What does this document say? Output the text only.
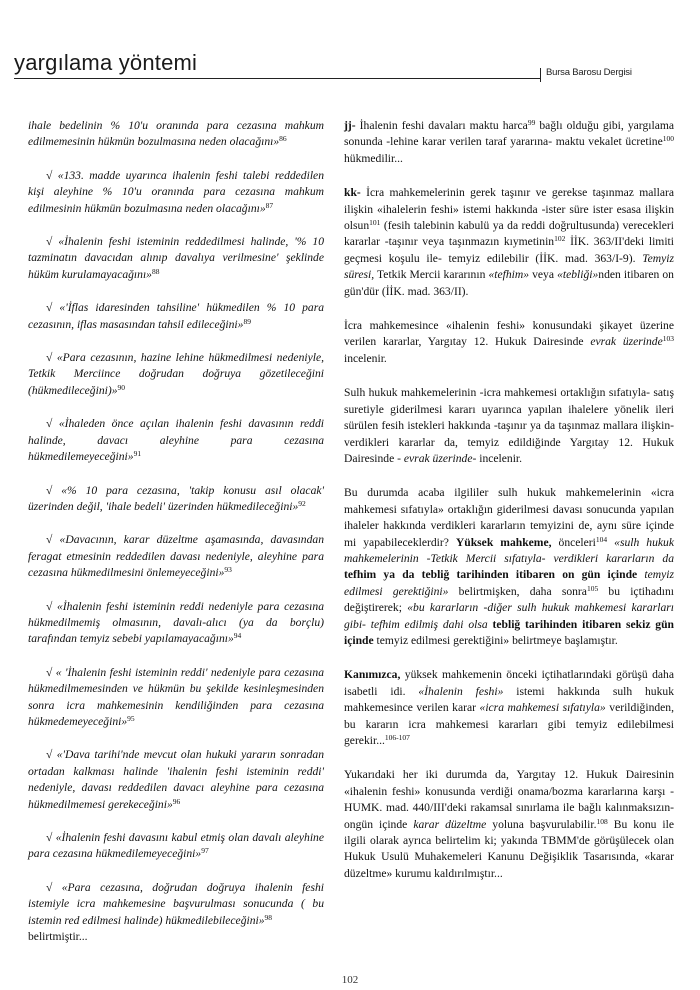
yargılama yöntemi	Bursa Barosu Dergisi

ihale bedelinin % 10'u oranında para cezasına mahkum edilmemesinin hükmün bozulmasına neden olacağını»$^{86}$

√ «133. madde uyarınca ihalenin feshi talebi reddedilen kişi aleyhine % 10'u oranında para cezasına mahkum edilmesinin hükmün bozulmasına neden olacağını»$^{87}$

√ «İhalenin feshi isteminin reddedilmesi halinde, '% 10 tazminatın davacıdan alınıp davalıya verilmesine' şeklinde hüküm kurulamayacağını»$^{88}$

√ «'İflas idaresinden tahsiline' hükmedilen % 10 para cezasının, iflas masasından tahsil edileceğini»$^{89}$

√ «Para cezasının, hazine lehine hükmedilmesi nedeniyle, Tetkik Merciince doğrudan doğruya gözetileceğini (hükmedileceğini)»$^{90}$

√ «İhaleden önce açılan ihalenin feshi davasının reddi halinde, davacı aleyhine para cezasına hükmedilemeyeceğini»$^{91}$

√ «% 10 para cezasına, 'takip konusu asıl olacak' üzerinden değil, 'ihale bedeli' üzerinden hükmedileceğini»$^{92}$

√ «Davacının, karar düzeltme aşamasında, davasından feragat etmesinin reddedilen davası nedeniyle, aleyhine para cezasına hükmedilmesini önlemeyeceğini»$^{93}$

√ «İhalenin feshi isteminin reddi nedeniyle para cezasına hükmedilmemiş olmasının, davalı-alıcı (ya da borçlu) tarafından temyiz sebebi yapılamayacağını»$^{94}$

√ « 'İhalenin feshi isteminin reddi' nedeniyle para cezasına hükmedilmemesinden ve hükmün bu şekilde kesinleşmesinden sonra icra mahkemesinin kendiliğinden para cezasına hükmedemeyeceğini»$^{95}$

√ «'Dava tarihi'nde mevcut olan hukuki yararın sonradan ortadan kalkması halinde 'ihalenin feshi isteminin reddi' nedeniyle, davası reddedilen davacı aleyhine para cezasına hükmedilmemesi gerekeceğini»$^{96}$

√ «İhalenin feshi davasını kabul etmiş olan davalı aleyhine para cezasına hükmedilemeyeceğini»$^{97}$

√ «Para cezasına, doğrudan doğruya ihalenin feshi istemiyle icra mahkemesine başvurulması sonucunda ( bu istemin red edilmesi halinde) hükmedilebileceğini»$^{98}$
belirtmiştir...

jj- İhalenin feshi davaları maktu harca$^{99}$ bağlı olduğu gibi, yargılama sonunda -lehine karar verilen taraf yararına- maktu vekalet ücretine$^{100}$ hükmedilir...

kk- İcra mahkemelerinin gerek taşınır ve gerekse taşınmaz mallara ilişkin «ihalelerin feshi» istemi hakkında -ister süre ister esasa ilişkin olsun$^{101}$ (fesih talebinin kabulü ya da reddi doğrultusunda) verecekleri kararlar -taşınır veya taşınmazın kıymetinin$^{102}$ İİK. 363/II'deki limiti geçmesi koşulu ile- temyiz edilebilir (İİK. mad. 363/I-9). Temyiz süresi, Tetkik Mercii kararının «tefhim» veya «tebliği»nden itibaren on gün'dür (İİK. mad. 363/II).

İcra mahkemesince «ihalenin feshi» konusundaki şikayet üzerine verilen kararlar, Yargıtay 12. Hukuk Dairesinde evrak üzerinde$^{103}$ incelenir.

Sulh hukuk mahkemelerinin -icra mahkemesi ortaklığın sıfatıyla- satış suretiyle giderilmesi kararı uyarınca yapılan ihalelere yönelik ileri sürülen fesih istekleri hakkında -taşınır ya da taşınmaz mallara ilişkin- verdikleri kararlar da, temyiz edildiğinde Yargıtay 12. Hukuk Dairesinde - evrak üzerinde- incelenir.

Bu durumda acaba ilgililer sulh hukuk mahkemelerinin «icra mahkemesi sıfatıyla» ortaklığın giderilmesi davası sonucunda yapılan ihaleler hakkında verdikleri kararların temyizini de, aynı süre içinde mi yapabileceklerdir? Yüksek mahkeme, önceleri$^{104}$ «sulh hukuk mahkemelerinin -Tetkik Mercii sıfatıyla- verdikleri kararların da tefhim ya da tebliğ tarihinden itibaren on gün içinde temyiz edilmesi gerektiğini» belirtmişken, daha sonra$^{105}$ bu içtihadını değiştirerek; «bu kararların -diğer sulh hukuk mahkemesi kararları gibi- tefhim edilmiş dahi olsa tebliğ tarihinden itibaren sekiz gün içinde temyiz edilmesi gerektiğini» belirtmeye başlamıştır.

Kanımızca, yüksek mahkemenin önceki içtihatlarındaki görüşü daha isabetli idi. «İhalenin feshi» istemi hakkında sulh hukuk mahkemesince verilen karar «icra mahkemesi sıfatıyla» verildiğinden, bu kararın icra mahkemesi kararları gibi temyiz edilebilmesi gerekir...$^{106-107}$

Yukarıdaki her iki durumda da, Yargıtay 12. Hukuk Dairesinin «ihalenin feshi» konusunda verdiği onama/bozma kararlarına karşı -HUMK. mad. 440/III'deki rakamsal sınırlama ile bağlı kalınmaksızın- ongün içinde karar düzeltme yoluna başvurulabilir.$^{108}$ Bu konu ile ilgili olarak ayrıca belirtelim ki; yakında TBMM'de görüşülecek olan Hukuk Usulü Muhakemeleri Kanunu Değişiklik Tasarısında, «karar düzeltme» kurumu kaldırılmıştır...

102
